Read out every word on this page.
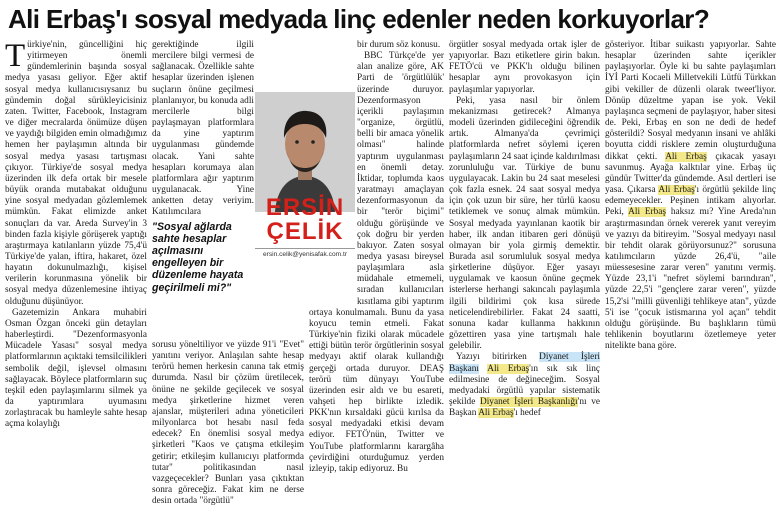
Ali Erbaş'ı sosyal medyada linç edenler neden korkuyorlar?

Türkiye'nin, güncelliğini hiç yitirmeyen önemli gündemlerinin başında sosyal medya yasası geliyor. Eğer aktif sosyal medya kullanıcısıysanız bu gündemin doğal sürükleyicisiniz zaten. Twitter, Facebook, Instagram ve diğer mecralarda önümüze düşen ve yaydığı bilgiden emin olmadığımız hemen her paylaşımın altında bir sosyal medya yasası tartışması çıkıyor. Türkiye'de sosyal medya üzerinden ilk defa ortak bir mesele büyük oranda mutabakat olduğunu yine sosyal medyadan gözlemlemek mümkün. Fakat elimizde anket sonuçları da var. Areda Survey'in 3 binden fazla kişiyle görüşerek yaptığı araştırmaya katılanların yüzde 75,4'ü Türkiye'de yalan, iftira, hakaret, özel hayatın dokunulmazlığı, kişisel verilerin korunmasına yönelik bir sosyal medya düzenlemesine ihtiyaç olduğunu düşünüyor.

Gazetemizin Ankara muhabiri Osman Özgan önceki gün detayları haberleştirdi. "Dezenformasyonla Mücadele Yasası" sosyal medya platformlarının açıktaki temsilcilikleri sembolik değil, işlevsel olmasını sağlayacak. Böylece platformların suç teşkil eden paylaşımlarını silmek ya da yaptırımlara uyumasını zorlaştıracak bu hamleyle sahte hesap açma kolaylığı

gerektiğinde ilgili mercilere bilgi vermesi de sağlanacak. Özellikle sahte hesaplar üzerinden işlenen suçların önüne geçilmesi planlanıyor, bu konuda adli mercilerle bilgi paylaşmayan platformlara da yine yaptırım uygulanması gündemde olacak. Yani sahte hesapları korumaya alan platformlara ağır yaptırım uygulanacak. Yine anketten detay veriyim. Katılımcılara

"Sosyal ağlarda sahte hesaplar açılmasını engelleyen bir düzenleme hayata geçirilmeli mi?"

sorusu yöneltiliyor ve yüzde 91'i "Evet" yanıtını veriyor. Anlaşılan sahte hesap terörü hemen herkesin canına tak etmiş durumda. Nasıl bir çözüm üretilecek, önüne ne şekilde geçilecek ve sosyal medya şirketlerine hizmet veren ajanslar, müşterileri adına yöneticileri milyonlarca bot hesabı nasıl feda edecek? En önemlisi sosyal medya şirketleri "Kaos ve çatışma etkileşim getirir; etkileşim kullanıcıyı platformda tutar" politikasından nasıl vazgeçecekler? Bunları yasa çıktıktan sonra göreceğiz. Fakat kim ne derse desin ortada "örgütlü"

bir durum söz konusu.

BBC Türkçe'de yer alan analize göre, AK Parti de 'örgütlülük' üzerinde duruyor. Dezenformasyon içerikli paylaşımın "organize, örgütlü, belli bir amaca yönelik olması" halinde yaptırım uygulanması en önemli detay. İktidar, toplumda kaos yaratmayı amaçlayan dezenformasyonun da bir "terör biçimi" olduğu görüşünde ve çok doğru bir yerden bakıyor. Zaten sosyal medya yasası bireysel paylaşımlara asla müdahale etmemeli, sıradan kullanıcıları kısıtlama gibi yaptırım ortaya konulmamalı. Bunu da yasa koyucu temin etmeli. Fakat Türkiye'nin fiziki olarak mücadele ettiği bütün terör örgütlerinin sosyal medyayı aktif olarak kullandığı gerçeği ortada duruyor. DEAŞ terörü tüm dünyayı YouTube üzerinden esir aldı ve bu esareti, vahşeti hep birlikte izledik. PKK'nın kırsaldaki gücü kırılsa da sosyal medyadaki etkisi devam ediyor. FETÖ'nün, Twitter ve YouTube platformlarını karargâha çevirdiğini oturduğumuz yerden izleyip, takip ediyoruz. Bu

ERSİN
ÇELİK
ersin.celik@yenisafak.com.tr

örgütler sosyal medyada ortak işler de yapıyorlar. Bazı etiketlere girin bakın. FETÖ'cü ve PKK'lı olduğu bilinen hesaplar aynı provokasyon için paylaşımlar yapıyorlar.

Peki, yasa nasıl bir önlem mekanizması getirecek? Almanya modeli üzerinden gidileceğini öğrendik artık. Almanya'da çevrimiçi platformlarda nefret söylemi içeren paylaşımların 24 saat içinde kaldırılması zorunluluğu var. Türkiye de bunu uygulayacak. Lakin bu 24 saat meselesi çok fazla esnek. 24 saat sosyal medya için çok uzun bir süre, her türlü kaosu tetiklemek ve sonuç almak mümkün. Sosyal medyada yayınlanan kaotik bir haber, ilk andan itibaren geri dönüşü olmayan bir yola girmiş demektir. Burada asıl sorumluluk sosyal medya şirketlerine düşüyor. Eğer yasayı uygulamak ve kaosun önüne geçmek isterlerse herhangi sakıncalı paylaşımla ilgili bildirimi çok kısa sürede neticelendirebilirler. Fakat 24 saatti, sonuna kadar kullanma hakkının gözettiren yasa yine tartışmalı hale gelebilir.

Yazıyı bitirirken Diyanet İşleri Başkanı Ali Erbaş'ın sık sık linç edilmesine de değineceğim. Sosyal medyadaki örgütlü yapılar sistematik şekilde Diyanet İşleri Başkanlığı'nı ve Başkan Ali Erbaş'ı hedef

gösteriyor. İtibar suikastı yapıyorlar. Sahte hesaplar üzerinden sahte içerikler paylaşıyorlar. Öyle ki bu sahte paylaşımları İYİ Parti Kocaeli Milletvekili Lütfü Türkkan gibi vekiller de düzenli olarak tweet'liyor. Dönüp düzeltme yapan ise yok. Vekil paylaşınca seçmeni de paylaşıyor, haber sitesi de. Peki, Erbaş en son ne dedi de hedef gösterildi? Sosyal medyanın insani ve ahlâki boyutta ciddi risklere zemin oluşturduğuna dikkat çekti. Ali Erbaş çıkacak yasayı savunmuş. Ayağa kalktılar yine. Erbaş üç gündür Twitter'da gündemde. Asıl dertleri ise yasa. Çıkarsa Ali Erbaş'ı örgütlü şekilde linç edemeyecekler. Peşinen intikam alıyorlar. Peki, Ali Erbaş haksız mı? Yine Areda'nın araştırmasından örnek vererek yanıt vereyim ve yazıyı da bitireyim. "Sosyal medyayı nasıl bir tehdit olarak görüyorsunuz?" sorusuna katılımcıların yüzde 26,4'ü, "aile müessesesine zarar veren" yanıtını vermiş. Yüzde 23,1'i "nefret söylemi barındıran", yüzde 22,5'i "gençlere zarar veren", yüzde 15,2'si "milli güvenliği tehlikeye atan", yüzde 5'i ise "çocuk istismarına yol açan" tehdit olduğu görüşünde. Bu başlıkların tümü tehlikenin boyutlarını özetlemeye yeter nitelikte bana göre.
